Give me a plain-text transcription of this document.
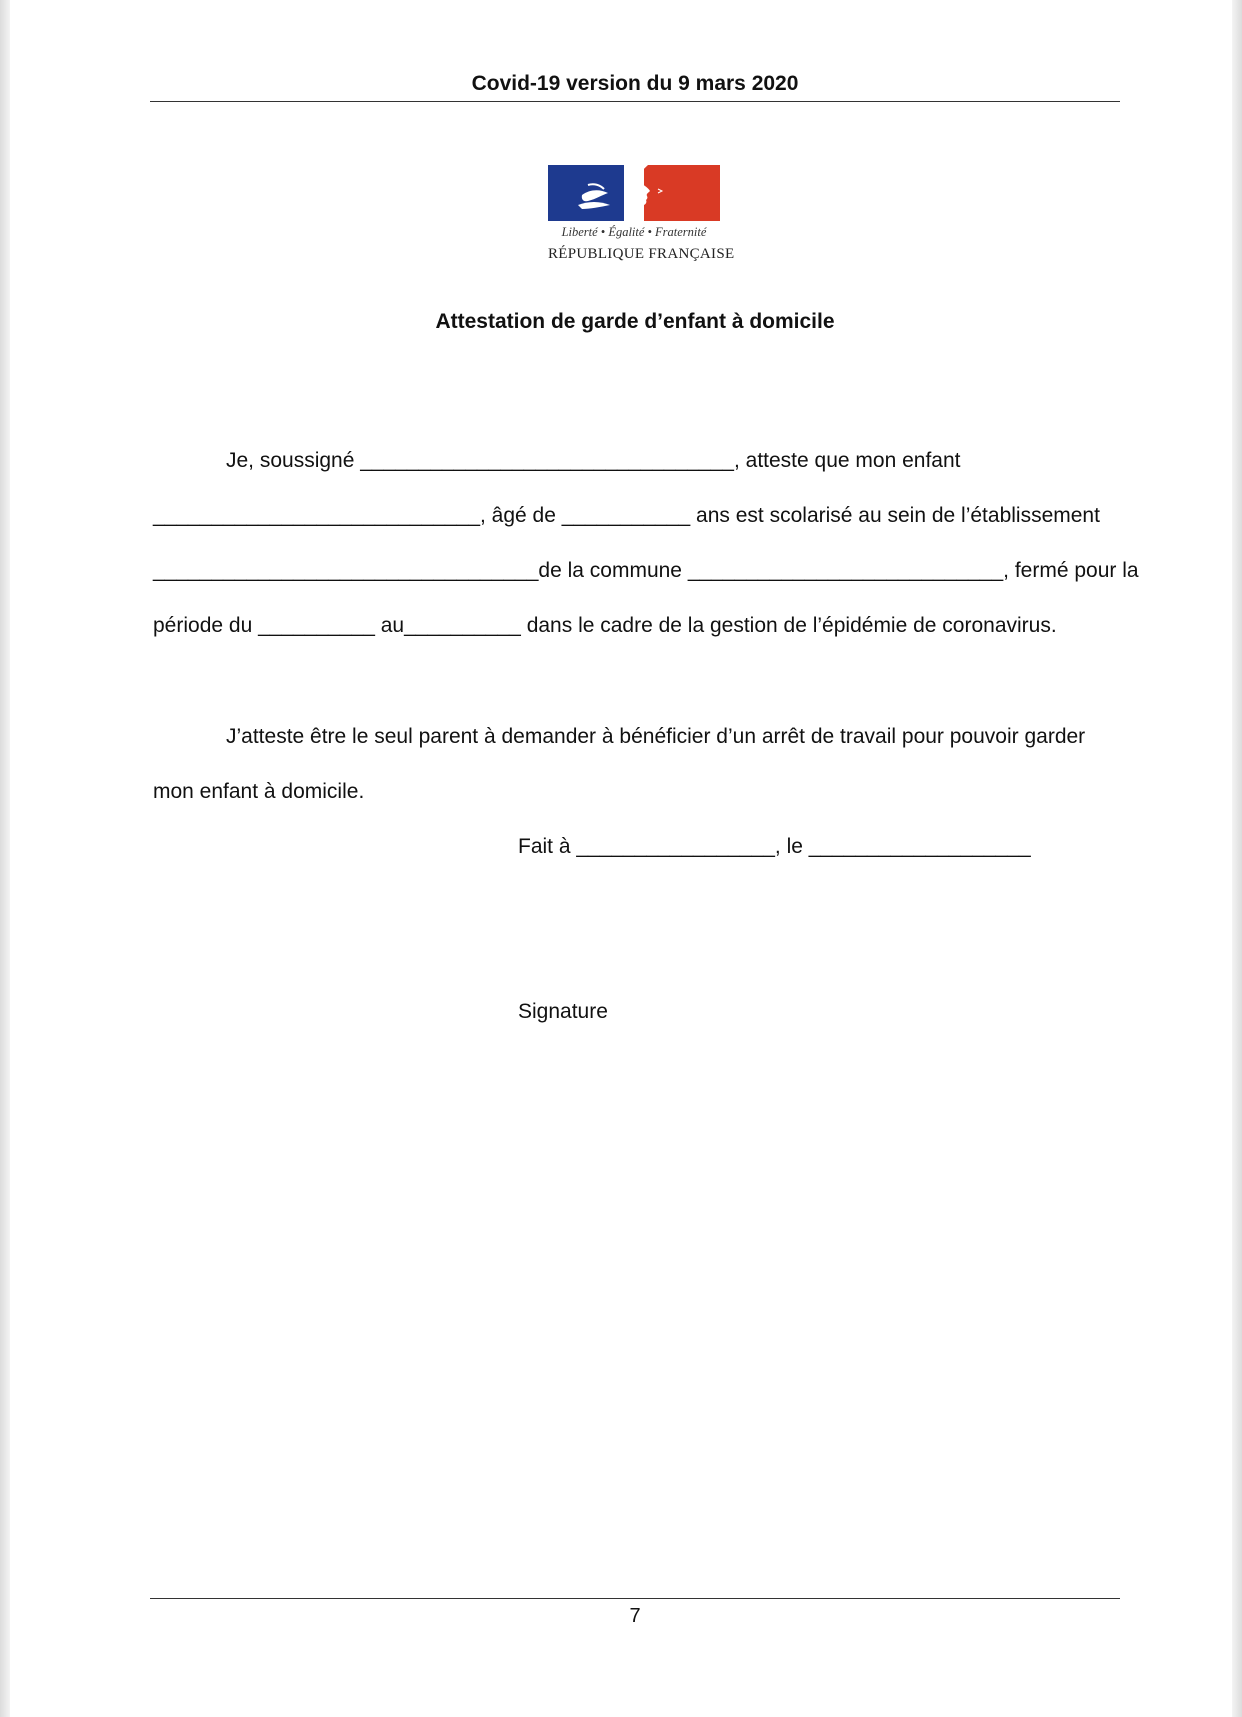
Covid-19 version du 9 mars 2020
Liberté • Égalité • Fraternité
RÉPUBLIQUE FRANÇAISE
Attestation de garde d’enfant à domicile
Je, soussigné ________________________________, atteste que mon enfant
____________________________, âgé de ___________ ans est scolarisé au sein de l’établissement
_________________________________de la commune ___________________________, fermé pour la
période du __________ au__________ dans le cadre de la gestion de l’épidémie de coronavirus.
J’atteste être le seul parent à demander à bénéficier d’un arrêt de travail pour pouvoir garder
mon enfant à domicile.
Fait à _________________, le ___________________
Signature
7
